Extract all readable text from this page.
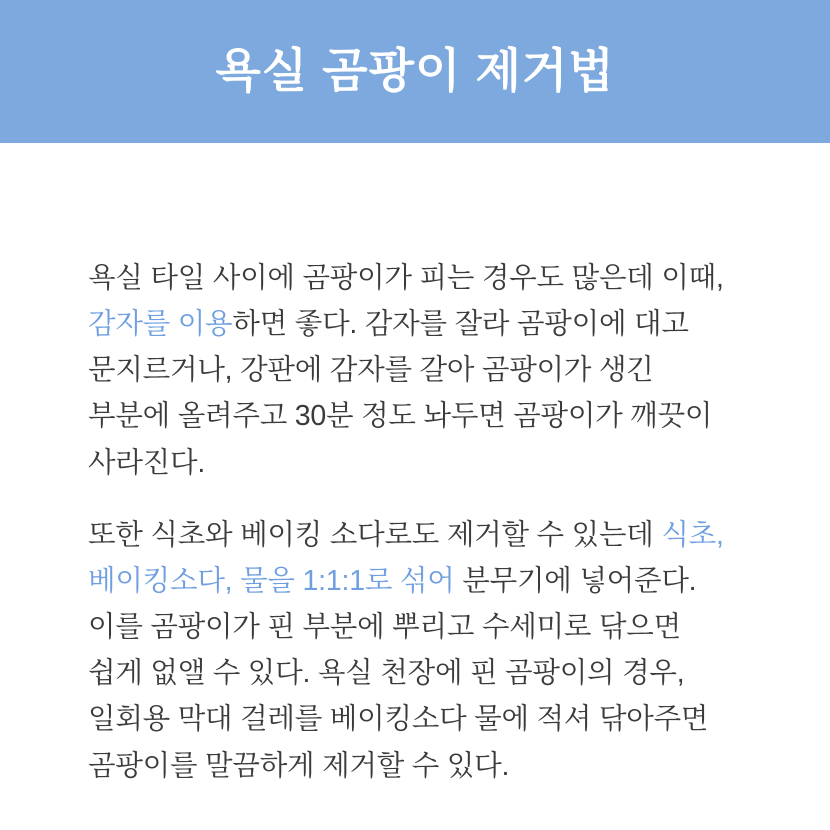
욕실 곰팡이 제거법

욕실 타일 사이에 곰팡이가 피는 경우도 많은데 이때, 감자를 이용하면 좋다. 감자를 잘라 곰팡이에 대고 문지르거나, 강판에 감자를 갈아 곰팡이가 생긴 부분에 올려주고 30분 정도 놔두면 곰팡이가 깨끗이 사라진다.

또한 식초와 베이킹 소다로도 제거할 수 있는데 식초, 베이킹소다, 물을 1:1:1로 섞어 분무기에 넣어준다. 이를 곰팡이가 핀 부분에 뿌리고 수세미로 닦으면 쉽게 없앨 수 있다. 욕실 천장에 핀 곰팡이의 경우, 일회용 막대 걸레를 베이킹소다 물에 적셔 닦아주면 곰팡이를 말끔하게 제거할 수 있다.
